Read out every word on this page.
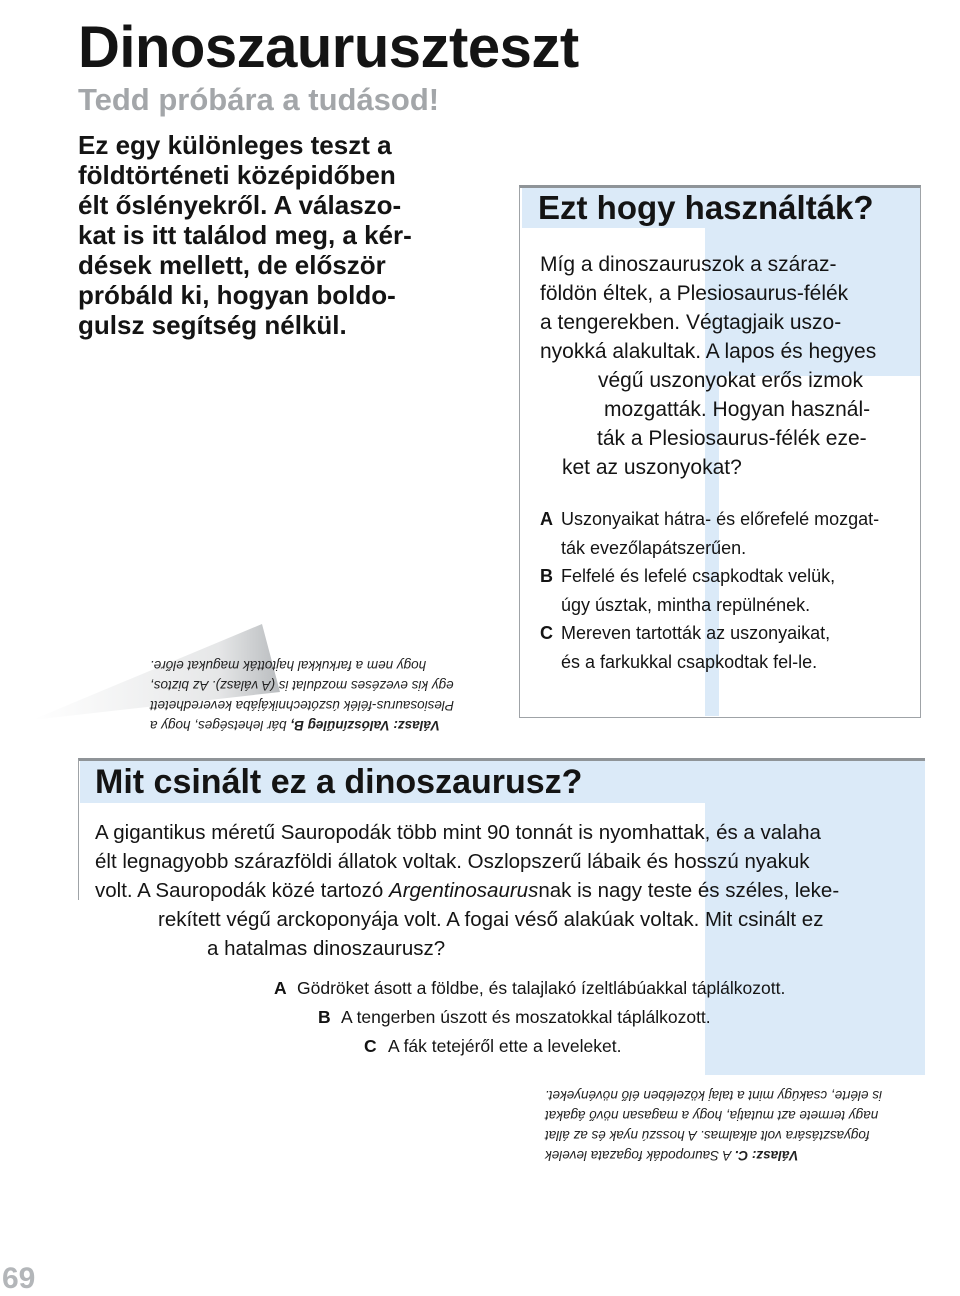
Dinoszauruszteszt
Tedd próbára a tudásod!
Ez egy különleges teszt a
földtörténeti középidőben
élt őslényekről. A válaszo-
kat is itt találod meg, a kér-
dések mellett, de először
próbáld ki, hogyan boldo-
gulsz segítség nélkül.
Ezt hogy használták?
Míg a dinoszauruszok a száraz-
földön éltek, a Plesiosaurus-félék
a tengerekben. Végtagjaik uszo-
nyokká alakultak. A lapos és hegyes
végű uszonyokat erős izmok
mozgatták. Hogyan használ-
ták a Plesiosaurus-félék eze-
ket az uszonyokat?
A Uszonyaikat hátra- és előrefelé mozgat-
ták evezőlapátszerűen.
B Felfelé és lefelé csapkodtak velük,
úgy úsztak, mintha repülnének.
C Mereven tartották az uszonyaikat,
és a farkukkal csapkodtak fel-le.
Válasz: Valószínűleg B, bár lehetséges, hogy a
Plesiosaurus-félék úszótechnikájába keveredhetett
egy kis evezéses mozdulat is (A válasz). Az biztos,
hogy nem a farkukkal hajtották magukat előre.
Mit csinált ez a dinoszaurusz?
A gigantikus méretű Sauropodák több mint 90 tonnát is nyomhattak, és a valaha
élt legnagyobb szárazföldi állatok voltak. Oszlopszerű lábaik és hosszú nyakuk
volt. A Sauropodák közé tartozó Argentinosaurusnak is nagy teste és széles, leke-
rekített végű arckoponyája volt. A fogai véső alakúak voltak. Mit csinált ez
a hatalmas dinoszaurusz?
A Gödröket ásott a földbe, és talajlakó ízeltlábúakkal táplálkozott.
B A tengerben úszott és moszatokkal táplálkozott.
C A fák tetejéről ette a leveleket.
Válasz: C. A Sauropodák fogazata levelek
fogyasztására volt alkalmas. A hosszú nyak és az állat
nagy termete azt mutatja, hogy a magasan növő ágakat
is elérte, csakúgy mint a talaj közelében élő növényeket.
69
